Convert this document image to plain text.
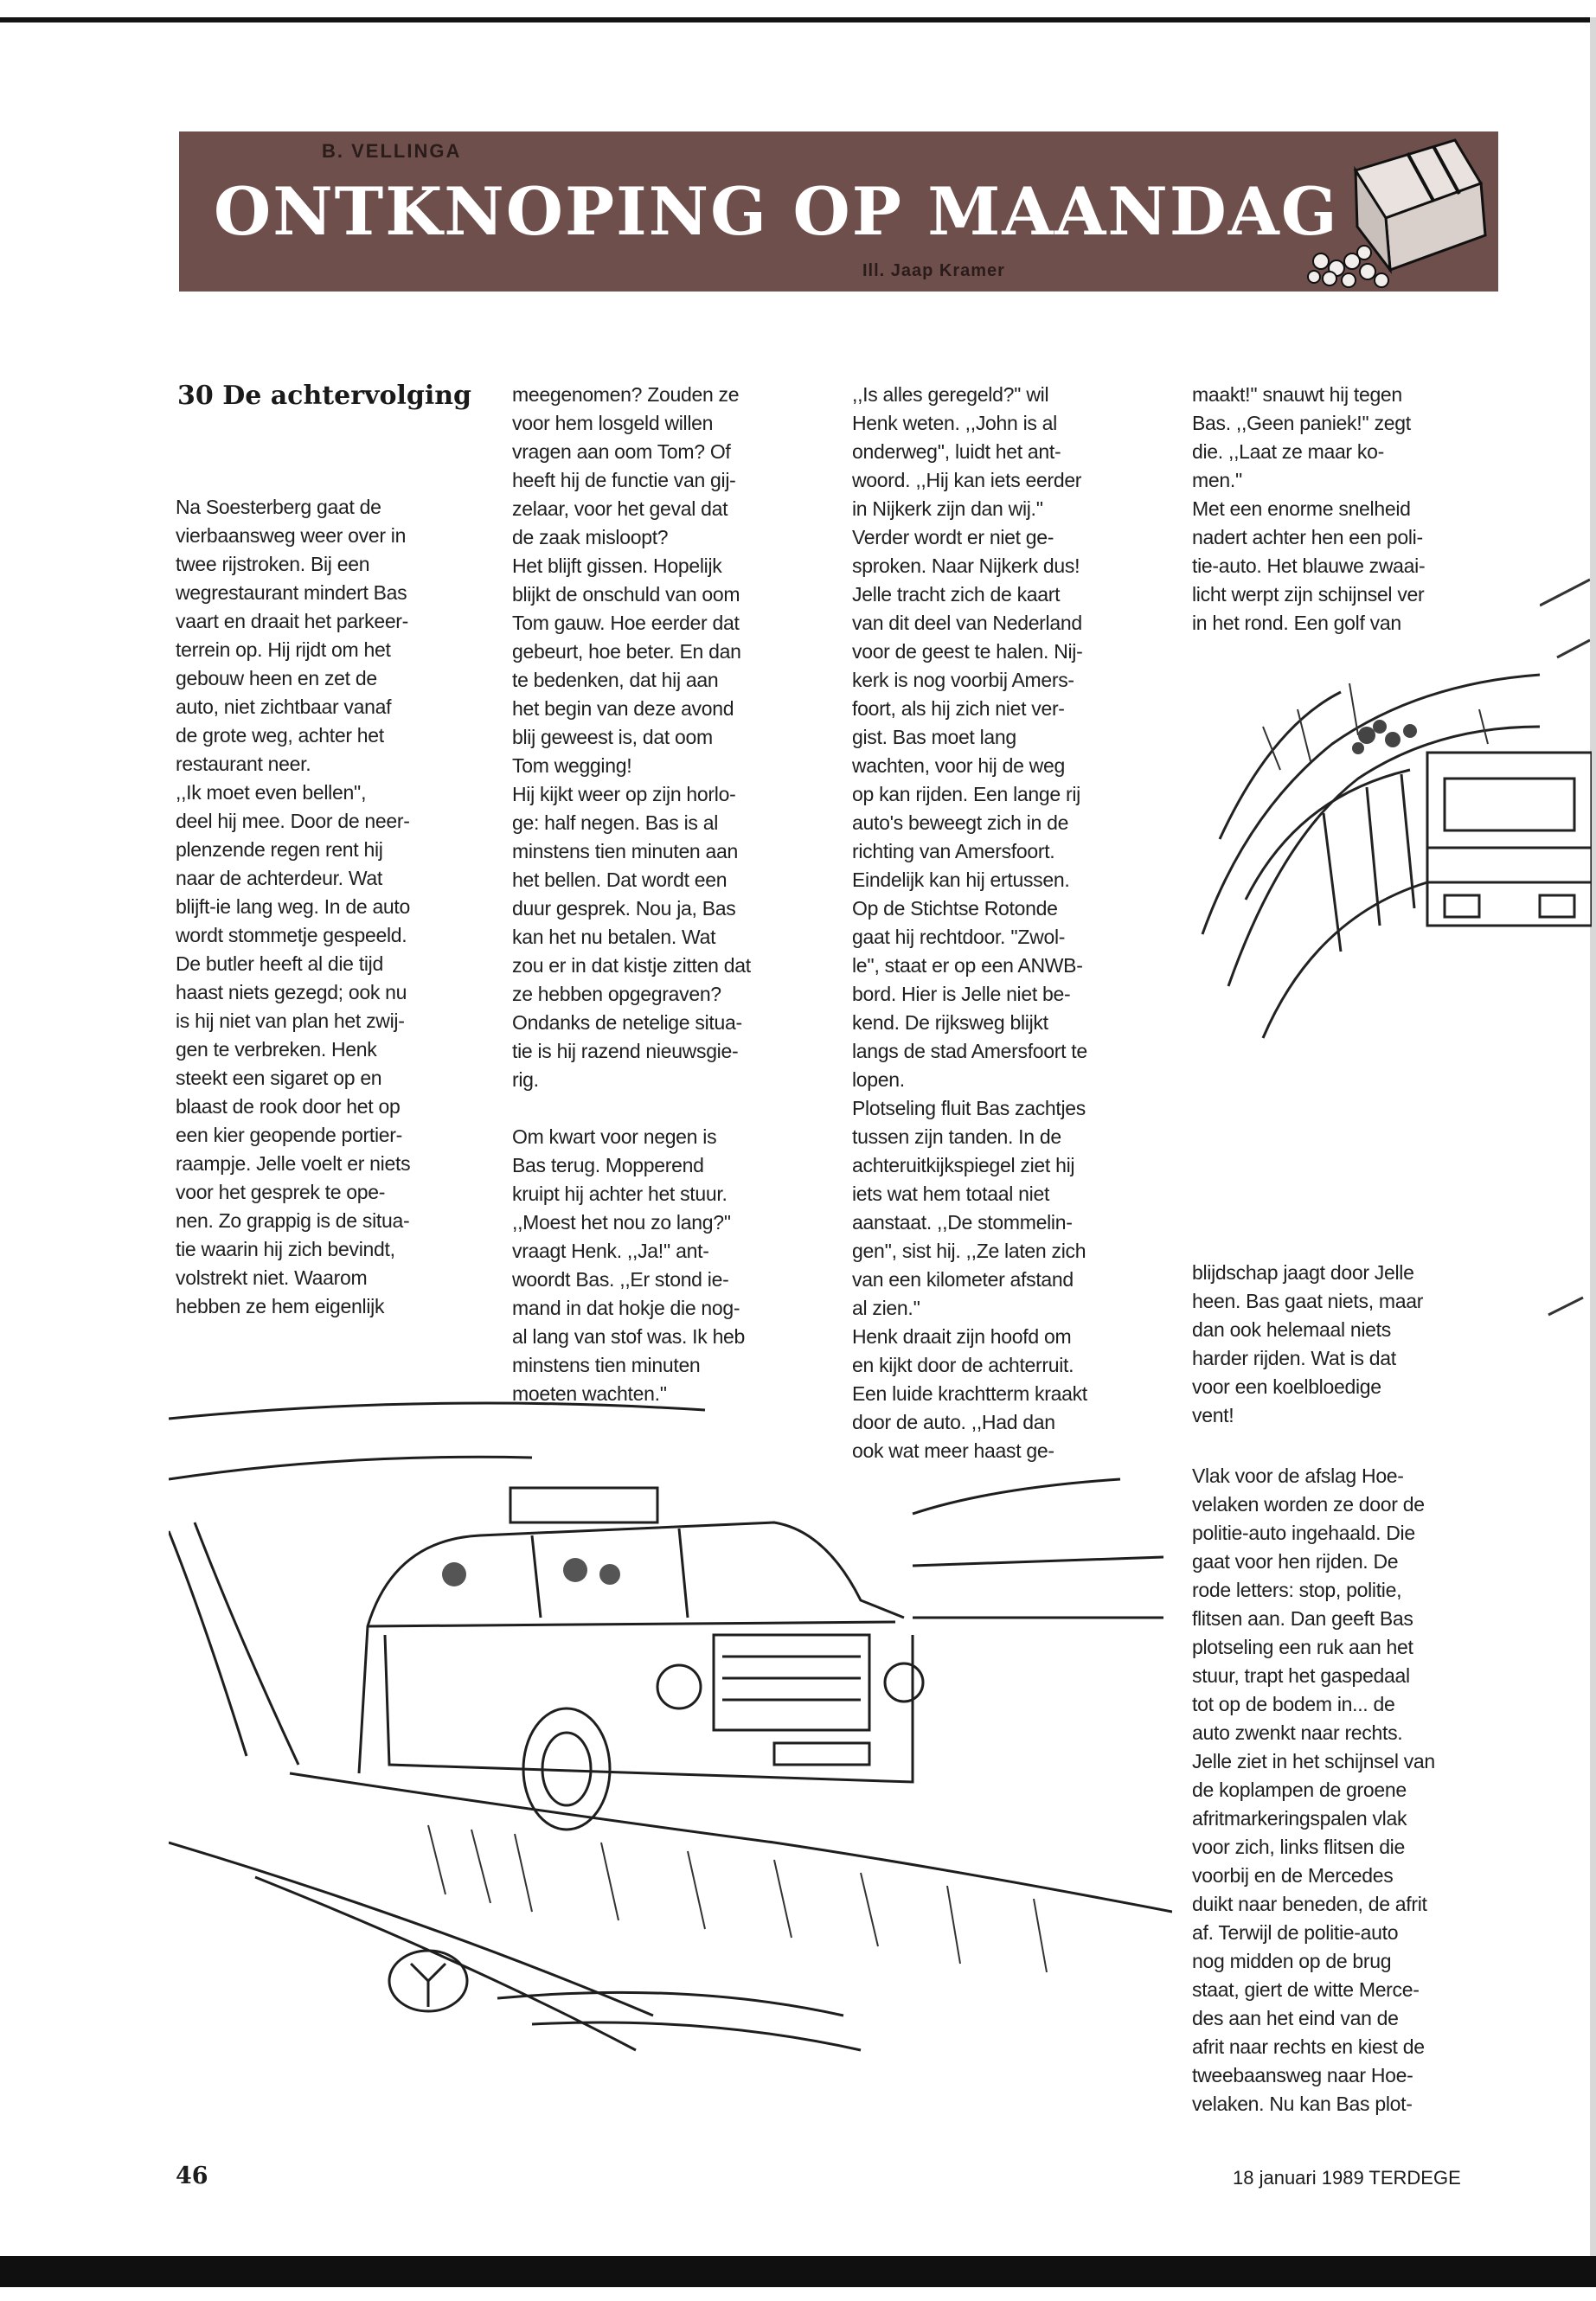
B. VELLINGA
ONTKNOPING OP MAANDAG
Ill. Jaap Kramer
30 De achtervolging
Na Soesterberg gaat de
vierbaansweg weer over in
twee rijstroken. Bij een
wegrestaurant mindert Bas
vaart en draait het parkeer-
terrein op. Hij rijdt om het
gebouw heen en zet de
auto, niet zichtbaar vanaf
de grote weg, achter het
restaurant neer.
,,Ik moet even bellen'',
deel hij mee. Door de neer-
plenzende regen rent hij
naar de achterdeur. Wat
blijft-ie lang weg. In de auto
wordt stommetje gespeeld.
De butler heeft al die tijd
haast niets gezegd; ook nu
is hij niet van plan het zwij-
gen te verbreken. Henk
steekt een sigaret op en
blaast de rook door het op
een kier geopende portier-
raampje. Jelle voelt er niets
voor het gesprek te ope-
nen. Zo grappig is de situa-
tie waarin hij zich bevindt,
volstrekt niet. Waarom
hebben ze hem eigenlijk
meegenomen? Zouden ze
voor hem losgeld willen
vragen aan oom Tom? Of
heeft hij de functie van gij-
zelaar, voor het geval dat
de zaak misloopt?
Het blijft gissen. Hopelijk
blijkt de onschuld van oom
Tom gauw. Hoe eerder dat
gebeurt, hoe beter. En dan
te bedenken, dat hij aan
het begin van deze avond
blij geweest is, dat oom
Tom wegging!
Hij kijkt weer op zijn horlo-
ge: half negen. Bas is al
minstens tien minuten aan
het bellen. Dat wordt een
duur gesprek. Nou ja, Bas
kan het nu betalen. Wat
zou er in dat kistje zitten dat
ze hebben opgegraven?
Ondanks de netelige situa-
tie is hij razend nieuwsgie-
rig.

Om kwart voor negen is
Bas terug. Mopperend
kruipt hij achter het stuur.
,,Moest het nou zo lang?''
vraagt Henk. ,,Ja!'' ant-
woordt Bas. ,,Er stond ie-
mand in dat hokje die nog-
al lang van stof was. Ik heb
minstens tien minuten
moeten wachten.''
,,Is alles geregeld?'' wil
Henk weten. ,,John is al
onderweg'', luidt het ant-
woord. ,,Hij kan iets eerder
in Nijkerk zijn dan wij.''
Verder wordt er niet ge-
sproken. Naar Nijkerk dus!
Jelle tracht zich de kaart
van dit deel van Nederland
voor de geest te halen. Nij-
kerk is nog voorbij Amers-
foort, als hij zich niet ver-
gist. Bas moet lang
wachten, voor hij de weg
op kan rijden. Een lange rij
auto's beweegt zich in de
richting van Amersfoort.
Eindelijk kan hij ertussen.
Op de Stichtse Rotonde
gaat hij rechtdoor. ''Zwol-
le'', staat er op een ANWB-
bord. Hier is Jelle niet be-
kend. De rijksweg blijkt
langs de stad Amersfoort te
lopen.
Plotseling fluit Bas zachtjes
tussen zijn tanden. In de
achteruitkijkspiegel ziet hij
iets wat hem totaal niet
aanstaat. ,,De stommelin-
gen'', sist hij. ,,Ze laten zich
van een kilometer afstand
al zien.''
Henk draait zijn hoofd om
en kijkt door de achterruit.
Een luide krachtterm kraakt
door de auto. ,,Had dan
ook wat meer haast ge-
maakt!'' snauwt hij tegen
Bas. ,,Geen paniek!'' zegt
die. ,,Laat ze maar ko-
men.''
Met een enorme snelheid
nadert achter hen een poli-
tie-auto. Het blauwe zwaai-
licht werpt zijn schijnsel ver
in het rond. Een golf van
blijdschap jaagt door Jelle
heen. Bas gaat niets, maar
dan ook helemaal niets
harder rijden. Wat is dat
voor een koelbloedige
vent!
Vlak voor de afslag Hoe-
velaken worden ze door de
politie-auto ingehaald. Die
gaat voor hen rijden. De
rode letters: stop, politie,
flitsen aan. Dan geeft Bas
plotseling een ruk aan het
stuur, trapt het gaspedaal
tot op de bodem in... de
auto zwenkt naar rechts.
Jelle ziet in het schijnsel van
de koplampen de groene
afritmarkeringspalen vlak
voor zich, links flitsen die
voorbij en de Mercedes
duikt naar beneden, de afrit
af. Terwijl de politie-auto
nog midden op de brug
staat, giert de witte Merce-
des aan het eind van de
afrit naar rechts en kiest de
tweebaansweg naar Hoe-
velaken. Nu kan Bas plot-
46	18 januari 1989 TERDEGE
